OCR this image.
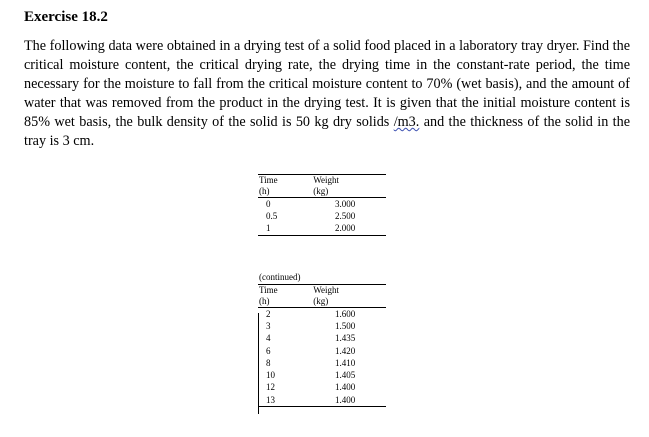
Exercise 18.2
The following data were obtained in a drying test of a solid food placed in a laboratory tray dryer. Find the critical moisture content, the critical drying rate, the drying time in the constant-rate period, the time necessary for the moisture to fall from the critical moisture content to 70% (wet basis), and the amount of water that was removed from the product in the drying test. It is given that the initial moisture content is 85% wet basis, the bulk density of the solid is 50 kg dry solids /m3. and the thickness of the solid in the tray is 3 cm.
Time	Weight
(h)	(kg)
0	3.000
0.5	2.500
1	2.000
(continued)
Time	Weight
(h)	(kg)
2	1.600
3	1.500
4	1.435
6	1.420
8	1.410
10	1.405
12	1.400
13	1.400
